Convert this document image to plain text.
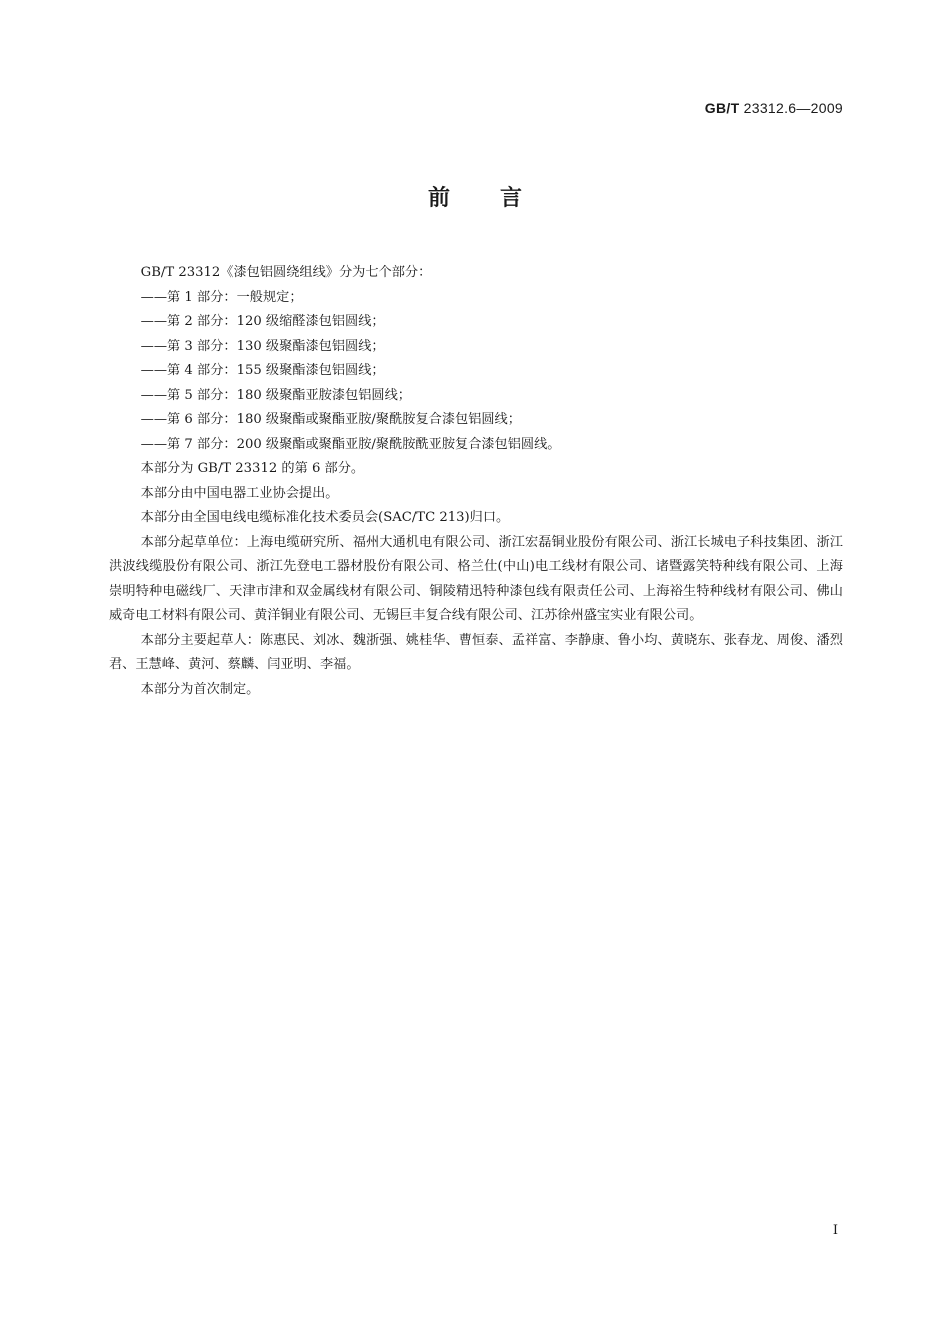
GB/T 23312.6—2009
前言

GB/T 23312《漆包铝圆绕组线》分为七个部分：

——第 1 部分：一般规定；

——第 2 部分：120 级缩醛漆包铝圆线；

——第 3 部分：130 级聚酯漆包铝圆线；

——第 4 部分：155 级聚酯漆包铝圆线；

——第 5 部分：180 级聚酯亚胺漆包铝圆线；

——第 6 部分：180 级聚酯或聚酯亚胺/聚酰胺复合漆包铝圆线；

——第 7 部分：200 级聚酯或聚酯亚胺/聚酰胺酰亚胺复合漆包铝圆线。

本部分为 GB/T 23312 的第 6 部分。

本部分由中国电器工业协会提出。

本部分由全国电线电缆标准化技术委员会(SAC/TC 213)归口。

本部分起草单位：上海电缆研究所、福州大通机电有限公司、浙江宏磊铜业股份有限公司、浙江长城电子科技集团、浙江洪波线缆股份有限公司、浙江先登电工器材股份有限公司、格兰仕(中山)电工线材有限公司、诸暨露笑特种线有限公司、上海崇明特种电磁线厂、天津市津和双金属线材有限公司、铜陵精迅特种漆包线有限责任公司、上海裕生特种线材有限公司、佛山威奇电工材料有限公司、黄洋铜业有限公司、无锡巨丰复合线有限公司、江苏徐州盛宝实业有限公司。

本部分主要起草人：陈惠民、刘冰、魏浙强、姚桂华、曹恒泰、孟祥富、李静康、鲁小均、黄晓东、张春龙、周俊、潘烈君、王慧峰、黄河、蔡麟、闫亚明、李福。

本部分为首次制定。

I
